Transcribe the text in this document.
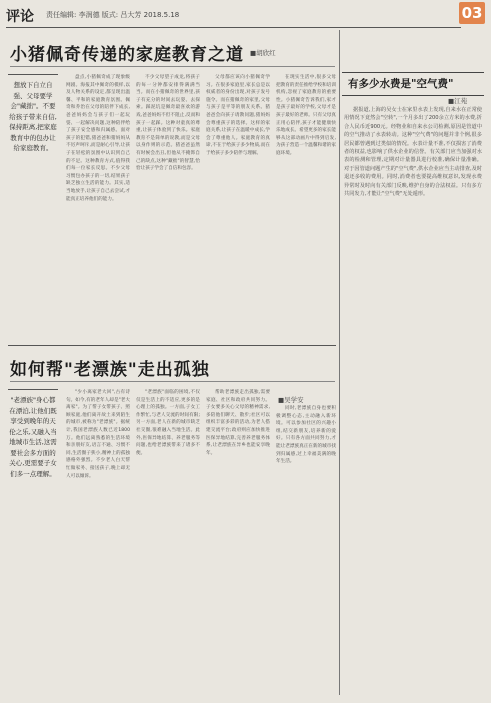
评论 责任编辑: 李润德 版式: 吕大芳 2018.5.18	03
小猪佩奇传递的家庭教育之道 ■胡欣红
想放下自立自强、父母要学会"藏拙"。不要给孩子带来自信,保持距离,把家庭教育中的包办让给家庭教育。

盘点,小猪佩奇成了现象级网剧。海报其中佩奇的模样,以及人物关系的设定,都呈现出温馨、平和的家庭教育氛围。佩奇和乔治在父母的陪伴下成长,爸爸妈妈会与孩子们一起玩耍、一起解决问题,这种陪伴给了孩子安全感和归属感。面对孩子的犯错,猪爸爸和猪妈妈从不厉声呵斥,而是耐心引导,让孩子在轻松的氛围中认识到自己的不足。这种教育方式,值得我们每一位家长反思。不少父母习惯包办孩子的一切,结果孩子缺乏独立生活的能力。其实,适当地放手,让孩子自己去尝试,才能真正培养他们的能力。

不少父母望子成龙,将孩子的每一分钟都安排得满满当当。而在小猪佩奇的世界里,孩子有充分的时间去玩耍、去探索。踩泥坑是佩奇最喜欢的游戏,爸爸妈妈不但不阻止,反而和孩子一起踩。这种对童真的尊重,让孩子体验到了快乐。家庭教育不是简单的说教,而是父母以身作则的示范。猪爸爸虽然有时候会出丑,但他从不掩饰自己的缺点,这种"藏拙"的智慧,恰恰让孩子学会了自信和包容。

父母都应该向小猪佩奇学习。在很多家庭里,家长总是以权威者的身份出现,对孩子发号施令。而在猪佩奇的家里,父母与孩子是平等的朋友关系。猪爸爸会向孩子请教问题,猪妈妈会尊重孩子的选择。这样的家庭关系,让孩子在温暖中成长,学会了尊重他人。家庭教育的真谛,不在于给孩子多少物质,而在于给孩子多少陪伴与理解。

在现实生活中,很多父母把教育的责任推给学校和培训机构,忽视了家庭教育的重要性。小猪佩奇告诉我们,家才是孩子最好的学校,父母才是孩子最好的老师。只有父母真正用心陪伴,孩子才能健康快乐地成长。希望更多的家长能够从这部动画片中得到启发,为孩子营造一个温馨和谐的家庭环境。

如何帮"老漂族"走出孤独
■吴学安
"老漂族"身心都在漂泊,让他们既享受到晚年的天伦之乐,又融入当地城市生活,这需要社会多方面的关心,更需要子女们多一点理解。

"少小离家老大回",古有诗句。如今,有的老年人却是"老大离家"。为了帮子女带孩子、照顾家庭,他们离开故土来到陌生的城市,被称为"老漂族"。据统计,我国老漂族人数已近1800万。他们远离熟悉的生活环境和亲朋好友,语言不通、习惯不同,生活圈子狭小,精神上的孤独感格外强烈。不少老人白天帮忙做家务、接送孩子,晚上却无人可以倾诉。

"老漂族"面临的困境,不仅仅是生活上的不适应,更多的是心理上的孤独。一方面,子女工作繁忙,与老人交流的时间有限;另一方面,老人在新的城市缺乏社交圈,很难融入当地生活。此外,医保异地结算、养老服务等问题,也给老漂族带来了诸多不便。

帮助老漂族走出孤独,需要家庭、社区和政府共同努力。子女要多关心父母的精神需求,多陪他们聊天、散步;社区可以组织丰富多彩的活动,为老人搭建交流平台;政府则应加快推进医保异地结算,完善养老服务体系,让老漂族在异乡也能安享晚年。

同时,老漂族自身也要积极调整心态,主动融入新环境。可以参加社区的兴趣小组,结交新朋友,培养新的爱好。只有各方面共同努力,才能让老漂族真正在新的城市找到归属感,过上幸福美满的晚年生活。

有多少水费是"空气费"
■江苑

据报道,上海的吴女士在家里水表上发现,自来水在正常使用情况下竟然会"空转",一个月多出了200余立方米的水费,折合人民币近900元。经物业和自来水公司检测,原因是管道中的空气推动了水表转动。这种"空气费"的问题并非个例,很多居民都曾遇到过类似的情况。水表计量不准,不仅损害了消费者的权益,也影响了供水企业的信誉。有关部门应当加强对水表的检测和管理,定期对计量器具进行校准,确保计量准确。对于因管道问题产生的"空气费",供水企业应当主动排查,及时退还多收的费用。同时,消费者也要提高维权意识,发现水费异常时及时向有关部门反映,维护自身的合法权益。只有多方共同发力,才能让"空气费"无处遁形。
